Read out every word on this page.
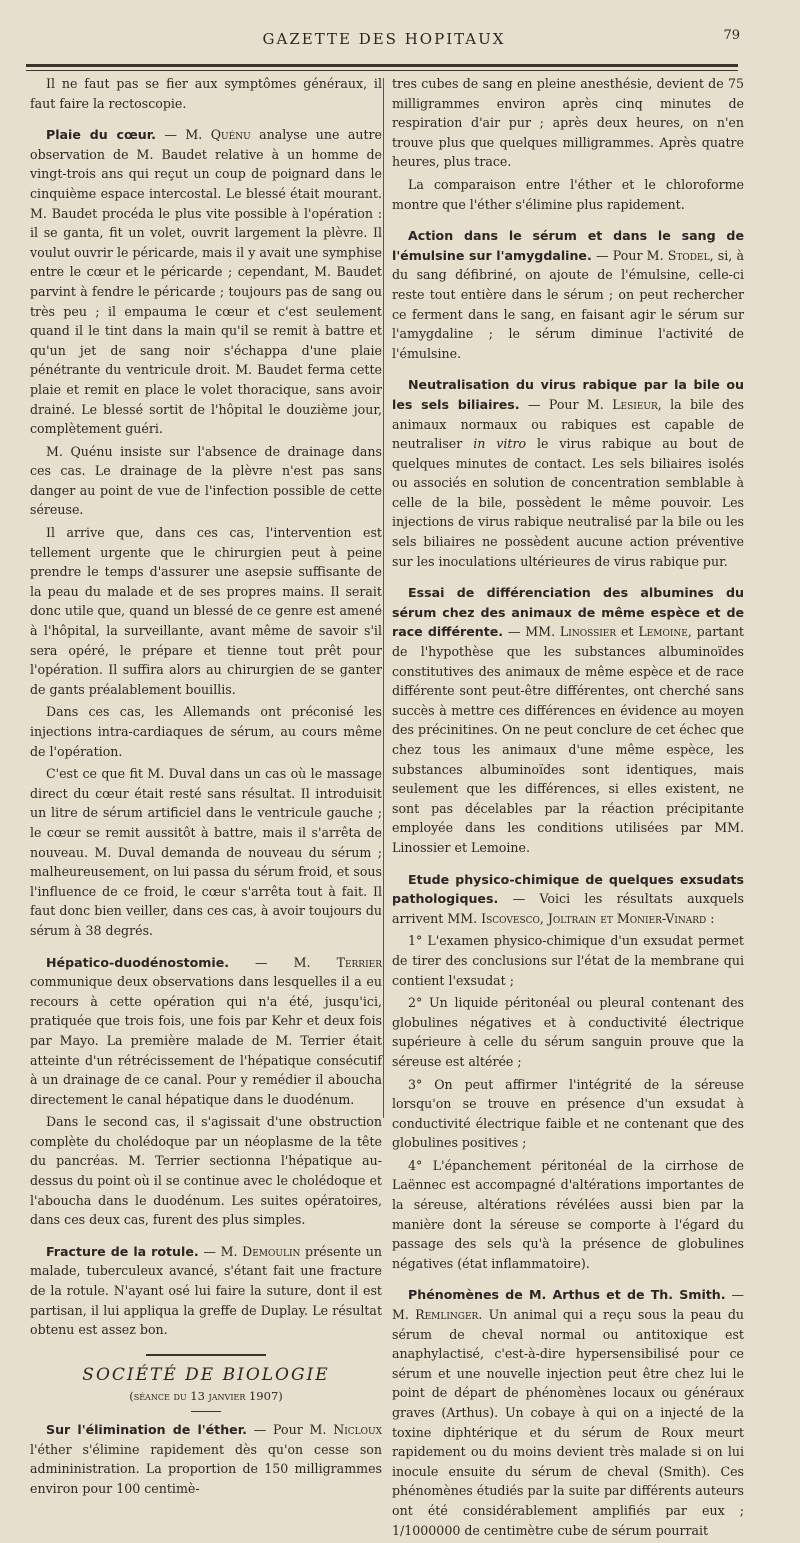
GAZETTE DES HOPITAUX	79

Il ne faut pas se fier aux symptômes généraux, il faut faire la rectoscopie.

Plaie du cœur. — M. Quénu analyse une autre observation de M. Baudet relative à un homme de vingt-trois ans qui reçut un coup de poignard dans le cinquième espace intercostal. Le blessé était mourant. M. Baudet procéda le plus vite possible à l'opération : il se ganta, fit un volet, ouvrit largement la plèvre. Il voulut ouvrir le péricarde, mais il y avait une symphise entre le cœur et le péricarde ; cependant, M. Baudet parvint à fendre le péricarde ; toujours pas de sang ou très peu ; il empauma le cœur et c'est seulement quand il le tint dans la main qu'il se remit à battre et qu'un jet de sang noir s'échappa d'une plaie pénétrante du ventricule droit. M. Baudet ferma cette plaie et remit en place le volet thoracique, sans avoir drainé. Le blessé sortit de l'hôpital le douzième jour, complètement guéri.

M. Quénu insiste sur l'absence de drainage dans ces cas. Le drainage de la plèvre n'est pas sans danger au point de vue de l'infection possible de cette séreuse.

Il arrive que, dans ces cas, l'intervention est tellement urgente que le chirurgien peut à peine prendre le temps d'assurer une asepsie suffisante de la peau du malade et de ses propres mains. Il serait donc utile que, quand un blessé de ce genre est amené à l'hôpital, la surveillante, avant même de savoir s'il sera opéré, le prépare et tienne tout prêt pour l'opération. Il suffira alors au chirurgien de se ganter de gants préalablement bouillis.

Dans ces cas, les Allemands ont préconisé les injections intra-cardiaques de sérum, au cours même de l'opération.

C'est ce que fit M. Duval dans un cas où le massage direct du cœur était resté sans résultat. Il introduisit un litre de sérum artificiel dans le ventricule gauche ; le cœur se remit aussitôt à battre, mais il s'arrêta de nouveau. M. Duval demanda de nouveau du sérum ; malheureusement, on lui passa du sérum froid, et sous l'influence de ce froid, le cœur s'arrêta tout à fait. Il faut donc bien veiller, dans ces cas, à avoir toujours du sérum à 38 degrés.

Hépatico-duodénostomie. — M. Terrier communique deux observations dans lesquelles il a eu recours à cette opération qui n'a été, jusqu'ici, pratiquée que trois fois, une fois par Kehr et deux fois par Mayo. La première malade de M. Terrier était atteinte d'un rétrécissement de l'hépatique consécutif à un drainage de ce canal. Pour y remédier il aboucha directement le canal hépatique dans le duodénum.

Dans le second cas, il s'agissait d'une obstruction complète du cholédoque par un néoplasme de la tête du pancréas. M. Terrier sectionna l'hépatique au-dessus du point où il se continue avec le cholédoque et l'aboucha dans le duodénum. Les suites opératoires, dans ces deux cas, furent des plus simples.

Fracture de la rotule. — M. Demoulin présente un malade, tuberculeux avancé, s'étant fait une fracture de la rotule. N'ayant osé lui faire la suture, dont il est partisan, il lui appliqua la greffe de Duplay. Le résultat obtenu est assez bon.

SOCIÉTÉ DE BIOLOGIE
(séance du 13 janvier 1907)

Sur l'élimination de l'éther. — Pour M. Nicloux l'éther s'élimine rapidement dès qu'on cesse son admininistration. La proportion de 150 milligrammes environ pour 100 centimè-

tres cubes de sang en pleine anesthésie, devient de 75 milligrammes environ après cinq minutes de respiration d'air pur ; après deux heures, on n'en trouve plus que quelques milligrammes. Après quatre heures, plus trace.

La comparaison entre l'éther et le chloroforme montre que l'éther s'élimine plus rapidement.

Action dans le sérum et dans le sang de l'émulsine sur l'amygdaline. — Pour M. Stodel, si, à du sang défibriné, on ajoute de l'émulsine, celle-ci reste tout entière dans le sérum ; on peut rechercher ce ferment dans le sang, en faisant agir le sérum sur l'amygdaline ; le sérum diminue l'activité de l'émulsine.

Neutralisation du virus rabique par la bile ou les sels biliaires. — Pour M. Lesieur, la bile des animaux normaux ou rabiques est capable de neutraliser in vitro le virus rabique au bout de quelques minutes de contact. Les sels biliaires isolés ou associés en solution de concentration semblable à celle de la bile, possèdent le même pouvoir. Les injections de virus rabique neutralisé par la bile ou les sels biliaires ne possèdent aucune action préventive sur les inoculations ultérieures de virus rabique pur.

Essai de différenciation des albumines du sérum chez des animaux de même espèce et de race différente. — MM. Linossier et Lemoine, partant de l'hypothèse que les substances albuminoïdes constitutives des animaux de même espèce et de race différente sont peut-être différentes, ont cherché sans succès à mettre ces différences en évidence au moyen des précinitines. On ne peut conclure de cet échec que chez tous les animaux d'une même espèce, les substances albuminoïdes sont identiques, mais seulement que les différences, si elles existent, ne sont pas décelables par la réaction précipitante employée dans les conditions utilisées par MM. Linossier et Lemoine.

Etude physico-chimique de quelques exsudats pathologiques. — Voici les résultats auxquels arrivent MM. Iscovesco, Joltrain et Monier-Vinard :

1° L'examen physico-chimique d'un exsudat permet de tirer des conclusions sur l'état de la membrane qui contient l'exsudat ;

2° Un liquide péritonéal ou pleural contenant des globulines négatives et à conductivité électrique supérieure à celle du sérum sanguin prouve que la séreuse est altérée ;

3° On peut affirmer l'intégrité de la séreuse lorsqu'on se trouve en présence d'un exsudat à conductivité électrique faible et ne contenant que des globulines positives ;

4° L'épanchement péritonéal de la cirrhose de Laënnec est accompagné d'altérations importantes de la séreuse, altérations révélées aussi bien par la manière dont la séreuse se comporte à l'égard du passage des sels qu'à la présence de globulines négatives (état inflammatoire).

Phénomènes de M. Arthus et de Th. Smith. — M. Remlinger. Un animal qui a reçu sous la peau du sérum de cheval normal ou antitoxique est anaphylactisé, c'est-à-dire hypersensibilisé pour ce sérum et une nouvelle injection peut être chez lui le point de départ de phénomènes locaux ou généraux graves (Arthus). Un cobaye à qui on a injecté de la toxine diphtérique et du sérum de Roux meurt rapidement ou du moins devient très malade si on lui inocule ensuite du sérum de cheval (Smith). Ces phénomènes étudiés par la suite par différents auteurs ont été considérablement amplifiés par eux ; 1/1000000 de centimètre cube de sérum pourrait
